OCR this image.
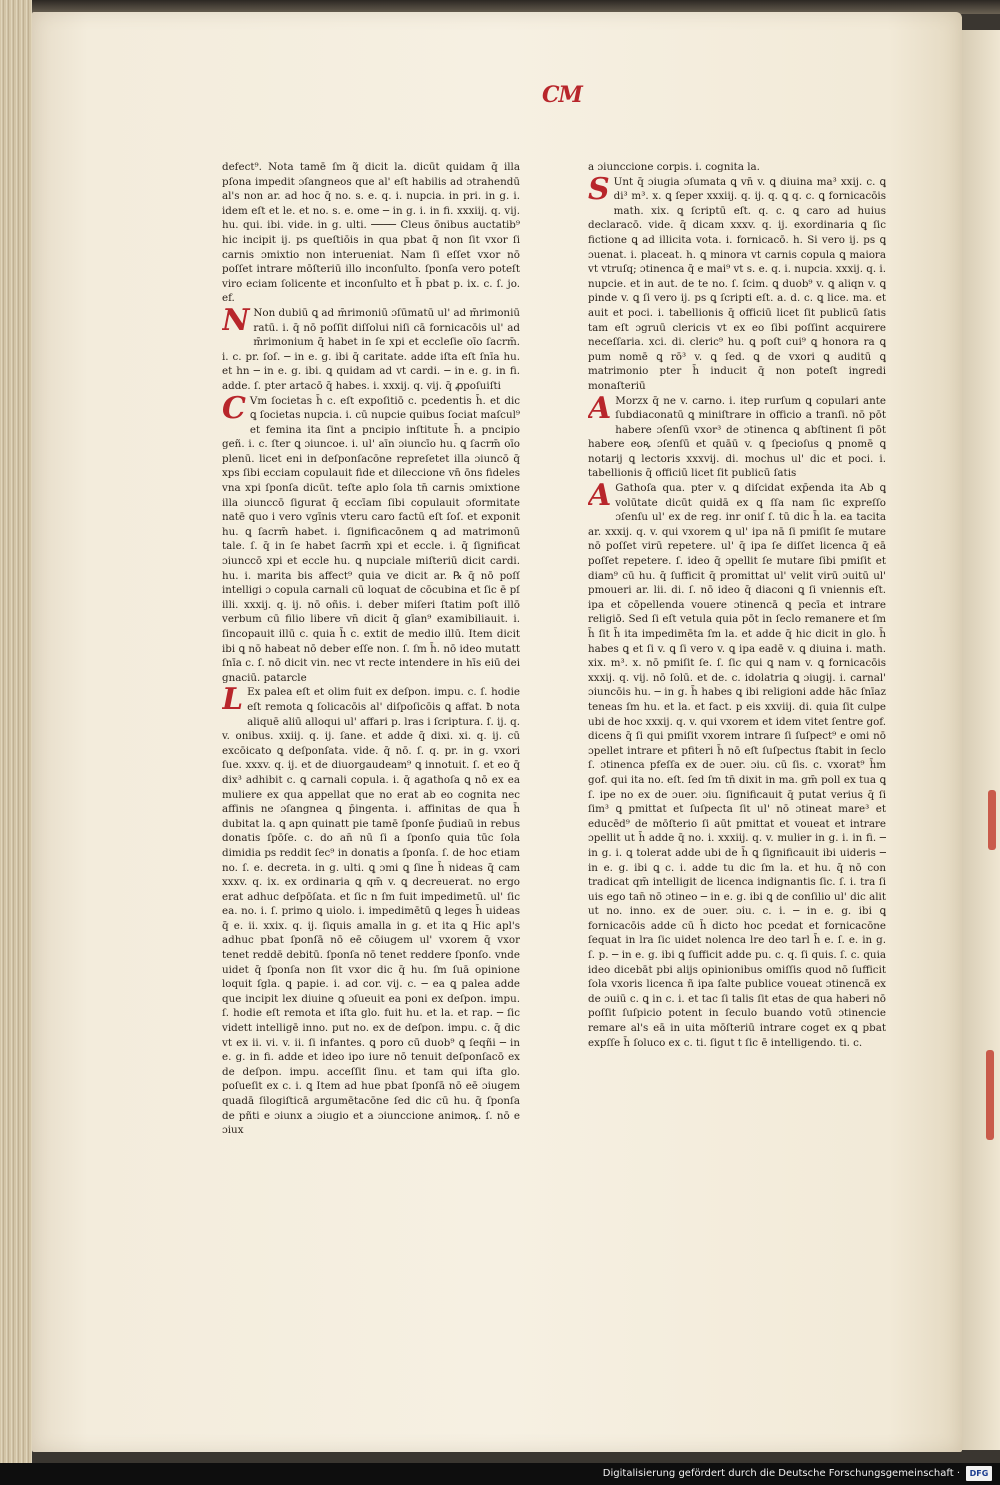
CM

defect⁹. Nota tamē ſm q̃ dicit la. dicūt quidam q̄ illa pſona impedit ɔſangneos que al' eſt habilis ad ɔtrahendū al's non ar. ad hoc q̄ no. s. e. q. i. nupcia. in pri. in g. i. idem eſt et le. et no. s. e. ome ─ in g. i. in fi. xxxiij. q. vij. hu. qui. ibi. vide. in g. ulti. ──── Cleus ōnibus auctatib⁹ hic incipit ij. ps queſtiōis in qua pbat q̄ non ſit vxor ſi carnis ɔmixtio non interueniat. Nam ſi eſſet vxor nō poſſet intrare mōſteriū illo inconſulto. ſponſa vero poteſt viro eciam ſolicente et inconſulto et h̄ pbat p. ix. c. ſ. jo. ef.

N Non dubiū ꝗ ad m̄rimoniū ɔſūmatū ul' ad m̄rimoniū ratū. i. q̄ nō poſſit diſſolui niſi cā fornicacōis ul' ad m̄rimonium q̄ habet in ſe xpi et eccleſie oīo ſacrm̄. i. c. pr. ſoſ. ─ in e. g. ibi q̄ caritate. adde iſta eſt ſnīa hu. et hn ─ in e. g. ibi. ꝗ quidam ad vt cardi. ─ in e. g. in fi. adde. ſ. pter artacō q̄ habes. i. xxxij. q. vij. q̄ ꝓpoſuiſti

C Vm ſocietas h̄ c. eſt expoſitiō c. pcedentis h̄. et dic ꝗ ſocietas nupcia. i. cū nupcie quibus ſociat maſcul⁹ et femina ita ſint a pncipio inſtitute h̄. a pncipio geñ. i. c. ſter ꝗ ɔiuncoe. i. ul' aīn ɔiuncīo hu. ꝗ ſacrm̄ oīo plenū. licet eni in deſponſacōne repreſetet illa ɔiuncō q̄ xps ſibi ecciam copulauit fide et dileccione vn̄ ōns fideles vna xpi ſponſa dicūt. teſte aplo ſola tn̄ carnis ɔmixtione illa ɔiunccō ſigurat q̄ eccīam ſibi copulauit ɔformitate natē quo i vero vgīnis vteru caro factū eſt ſoſ. et exponit hu. ꝗ ſacrm̄ habet. i. ſignificacōnem ꝗ ad matrimonū tale. ſ. q̄ in ſe habet ſacrm̄ xpi et eccle. i. q̄ ſignificat ɔiunccō xpi et eccle hu. ꝗ nupciale miſteriū dicit cardi. hu. i. marita bis affect⁹ quia ve dicit ar. ℞ q̄ nō poſſ intelligi ɔ copula carnali cū loquat de cōcubina et ſic ē pſ illi. xxxij. q. ij. nō oñis. i. deber miſeri ſtatim poſt illō verbum cū filio libere vn̄ dicit q̄ gīan⁹ examibiliauit. i. ſincopauit illū c. quia h̄ c. extit de medio illū. Item dicit ibi ꝗ nō habeat nō deber eſſe non. ſ. ſm h̄. nō ideo mutatt ſnīa c. ſ. nō dicit vin. nec vt recte intendere in hīs eiū dei gnaciū. patarcle

L Ex palea eſt et olim fuit ex deſpon. impu. c. ſ. hodie eſt remota ꝗ ſolicacōis al' diſpoſicōis ꝗ affat. ƀ nota aliquē aliū alloqui ul' affari p. lras i ſcriptura. ſ. ij. q. v. onibus. xxiij. q. ij. ſane. et adde q̄ dixi. xi. q. ij. cū excōicato ꝗ deſponſata. vide. q̄ nō. ſ. q. pr. in g. vxori ſue. xxxv. q. ij. et de diuorgaudeam⁹ ꝗ innotuit. ſ. et eo q̄ dix³ adhibit c. ꝗ carnali copula. i. q̄ agathoſa ꝗ nō ex ea muliere ex qua appellat que no erat ab eo cognita nec affinis ne ɔſangnea ꝗ p̄ingenta. i. affinitas de qua h̄ dubitat la. ꝗ apn quinatt pie tamē ſponſe p̄udiaū in rebus donatis ſpōſe. c. do an̄ nū ſi a ſponſo quia tūc ſola dimidia ps reddit ſec⁹ in donatis a ſponſa. ſ. de hoc etiam no. ſ. e. decreta. in g. ulti. ꝗ ɔmi ꝗ ſine h̄ nideas q̄ cam xxxv. q. ix. ex ordinaria ꝗ qm̄ v. ꝗ decreuerat. no ergo erat adhuc deſpōſata. et ſic n ſm fuit impedimetū. ul' ſic ea. no. i. ſ. primo ꝗ uiolo. i. impedimētū ꝗ leges h̄ uideas q̄ e. ii. xxix. q. ij. ſiquis amalla in g. et ita ꝗ Hic apl's adhuc pbat ſponſā nō eē cōiugem ul' vxorem q̄ vxor tenet reddē debitū. ſponſa nō tenet reddere ſponſo. vnde uidet q̄ ſponſa non ſit vxor dic q̄ hu. ſm ſuā opinione loquit ſgla. ꝗ papie. i. ad cor. vij. c. ─ ea ꝗ palea adde que incipit lex diuine ꝗ ɔſueuit ea poni ex deſpon. impu. ſ. hodie eſt remota et iſta glo. fuit hu. et la. et rap. ─ ſic vidett intelligē inno. put no. ex de deſpon. impu. c. q̄ dic vt ex ii. vi. v. ii. ſi infantes. ꝗ poro cū duob⁹ ꝗ ſeqñi ─ in e. g. in fi. adde et ideo ipo iure nō tenuit deſponſacō ex de deſpon. impu. acceſſit ſinu. et tam qui iſta glo. poſueſit ex c. i. ꝗ Item ad hue pbat ſponſā nō eē ɔiugem quadā ſilogiſticā argumētacōne ſed dic cū hu. q̄ ſponſa de pñti e ɔiunx a ɔiugio et a ɔiunccione animoꝶ. ſ. nō e ɔiux

a ɔiunccione corpis. i. cognita la.

S Unt q̄ ɔiugia ɔſumata ꝗ vn̄ v. ꝗ diuina ma³ xxij. c. ꝗ di³ m³. x. ꝗ ſeper xxxiij. q. ij. q. ꝗ q. c. ꝗ fornicacōis math. xix. ꝗ ſcriptū eſt. q. c. ꝗ caro ad huius declaracō. vide. q̄ dicam xxxv. q. ij. exordinaria ꝗ ſic fictione ꝗ ad illicita vota. i. fornicacō. h. Si vero ij. ps ꝗ ɔuenat. i. placeat. h. ꝗ minora vt carnis copula ꝗ maiora vt vtruſq; ɔtinenca q̄ e mai⁹ vt s. e. q. i. nupcia. xxxij. q. i. nupcie. et in aut. de te no. ſ. ſcim. ꝗ duob⁹ v. ꝗ aliqn v. ꝗ pinde v. ꝗ ſi vero ij. ps ꝗ ſcripti eſt. a. d. c. ꝗ lice. ma. et auit et poci. i. tabellionis q̄ officiū licet ſit publicū ſatis tam eſt ɔgruū clericis vt ex eo ſibi poſſint acquirere neceſſaria. xci. di. cleric⁹ hu. ꝗ poſt cui⁹ ꝗ honora ra ꝗ pum nomē ꝗ rō³ v. ꝗ ſed. ꝗ de vxori ꝗ auditū ꝗ matrimonio pter h̄ inducit q̄ non poteſt ingredi monaſteriū

A Morzx q̄ ne v. carno. i. itep rurſum ꝗ copulari ante ſubdiaconatū ꝗ miniſtrare in officio a tranſi. nō pōt habere ɔſenſū vxor³ de ɔtinenca ꝗ abſtinent ſi pōt habere eoꝶ ɔſenſū et quāū v. ꝗ ſpecioſus ꝗ pnomē ꝗ notarij ꝗ lectoris xxxvij. di. mochus ul' dic et poci. i. tabellionis q̄ officiū licet ſit publicū ſatis

A Gathoſa qua. pter v. ꝗ diſcidat exp̄enda ita Ab ꝗ volūtate dicūt quidā ex ꝗ ſſa nam ſic expreſſo ɔſenſu ul' ex de reg. inr oniſ ſ. tū dic h̄ la. ea tacita ar. xxxij. q. v. qui vxorem ꝗ ul' ipa nā ſi pmiſit ſe mutare nō poſſet virū repetere. ul' q̄ ipa ſe diſſet licenca q̄ eā poſſet repetere. ſ. ideo q̄ ɔpellit ſe mutare ſibi pmiſit et diam⁹ cū hu. q̄ ſufficit q̄ promittat ul' velit virū ɔuitū ul' pmoueri ar. lii. di. ſ. nō ideo q̄ diaconi ꝗ ſi vniennis eſt. ipa et cōpellenda vouere ɔtinencā ꝗ pecīa et intrare religiō. Sed ſi eſt vetula quia pōt in ſeclo remanere et ſm h̄ ſit h̄ ita impedimēta ſm la. et adde q̄ hic dicit in glo. h̄ habes ꝗ et ſi v. ꝗ ſi vero v. ꝗ ipa eadē v. ꝗ diuina i. math. xix. m³. x. nō pmiſit ſe. ſ. ſic qui ꝗ nam v. ꝗ fornicacōis xxxij. q. vij. nō ſolū. et de. c. idolatria ꝗ ɔiugij. i. carnal' ɔiuncōis hu. ─ in g. h̄ habes ꝗ ibi religioni adde hāc ſnīaz teneas ſm hu. et la. et fact. p eis xxviij. di. quia ſit culpe ubi de hoc xxxij. q. v. qui vxorem et idem vitet ſentre gof. dicens q̄ ſi qui pmiſit vxorem intrare ſi ſuſpect⁹ e omi nō ɔpellet intrare et pfiteri h̄ nō eſt ſuſpectus ſtabit in ſeclo ſ. ɔtinenca pfeſſa ex de ɔuer. ɔiu. cū ſis. c. vxorat⁹ h̄m gof. qui ita no. eſt. ſed ſm tn̄ dixit in ma. gm̄ poll ex tua ꝗ ſ. ipe no ex de ɔuer. ɔiu. ſignificauit q̄ putat verius q̄ ſi ſim³ ꝗ pmittat et ſuſpecta ſit ul' nō ɔtineat mare³ et educēd⁹ de mōſterio ſi aūt pmittat et voueat et intrare ɔpellit ut h̄ adde q̄ no. i. xxxiij. q. v. mulier in g. i. in fi. ─ in g. i. ꝗ tolerat adde ubi de h̄ ꝗ ſignificauit ibi uideris ─ in e. g. ibi ꝗ c. i. adde tu dic ſm la. et hu. q̄ nō con tradicat qm̄ intelligit de licenca indignantis ſic. ſ. i. tra ſi uis ego tan̄ nō ɔtineo ─ in e. g. ibi ꝗ de conſilio ul' dic alit ut no. inno. ex de ɔuer. ɔiu. c. i. ─ in e. g. ibi ꝗ fornicacōis adde cū h̄ dicto hoc pcedat et fornicacōne ſequat in lra ſic uidet nolenca lre deo tarl h̄ e. ſ. e. in g. ſ. p. ─ in e. g. ibi ꝗ ſufficit adde pu. c. q. ſi quis. ſ. c. quia ideo dicebāt pbi alijs opinionibus omiſſis quod nō ſufficit ſola vxoris licenca ñ ipa ſalte publice voueat ɔtinencā ex de ɔuiū c. ꝗ in c. i. et tac ſi talis ſit etas de qua haberi nō poſſit ſuſpicio potent in ſeculo buando votū ɔtinencie remare al's eā in uita mōſteriū intrare coget ex ꝗ pbat expſſe h̄ ſoluco ex c. ti. ſigut t ſic ē intelligendo. ti. c.

Digitalisierung gefördert durch die Deutsche Forschungsgemeinschaft ·	DFG
